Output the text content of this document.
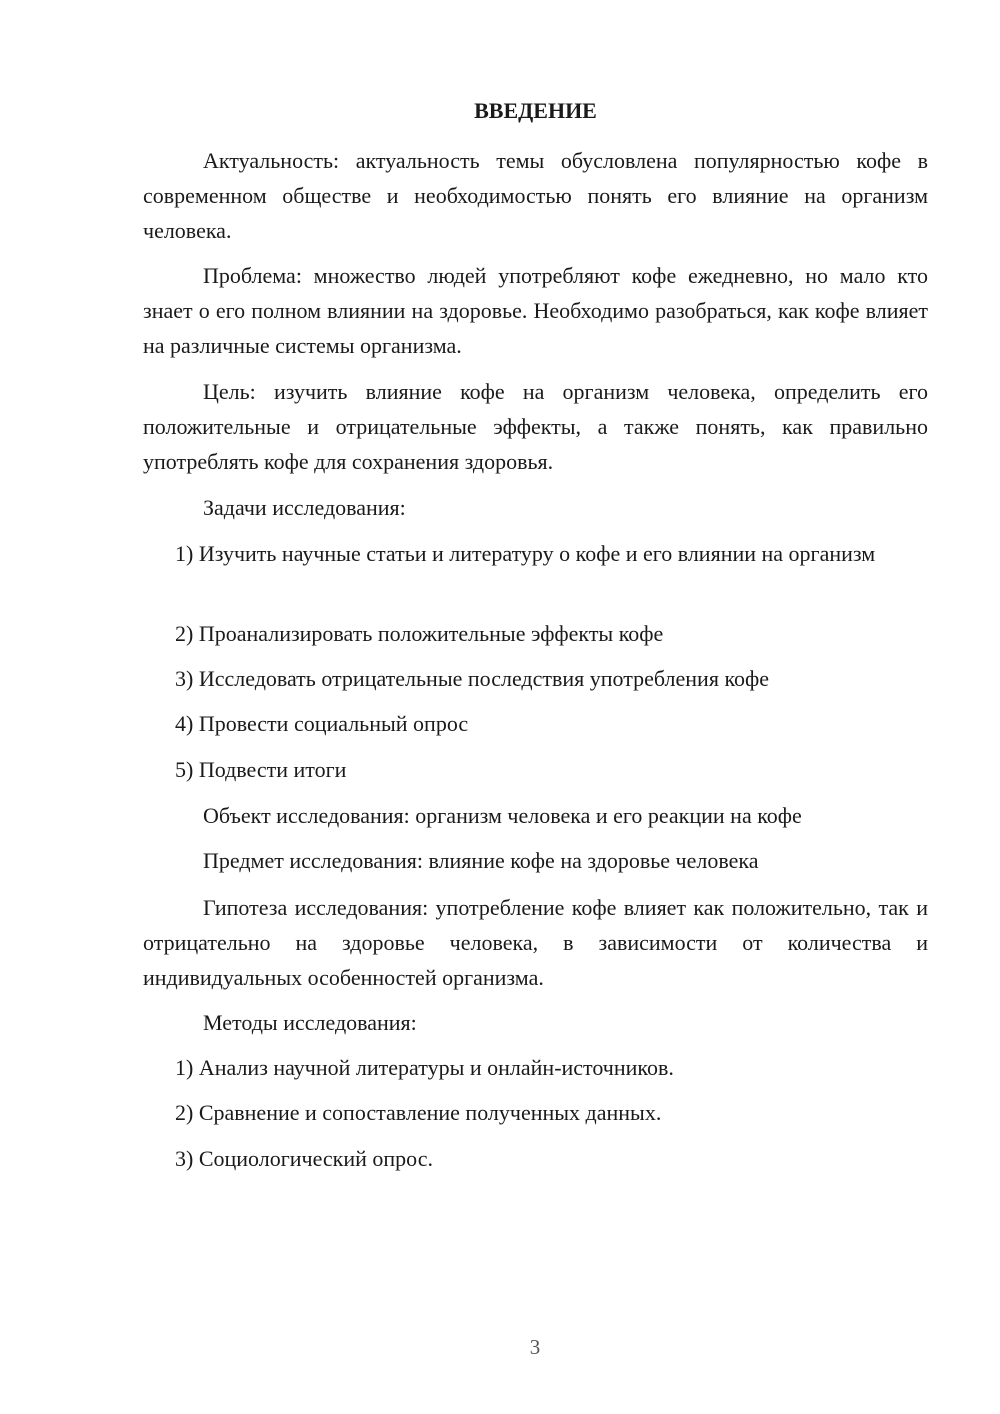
ВВЕДЕНИЕ
Актуальность: актуальность темы обусловлена популярностью кофе в современном обществе и необходимостью понять его влияние на организм человека.
Проблема: множество людей употребляют кофе ежедневно, но мало кто знает о его полном влиянии на здоровье. Необходимо разобраться, как кофе влияет на различные системы организма.
Цель: изучить влияние кофе на организм человека, определить его положительные и отрицательные эффекты, а также понять, как правильно употреблять кофе для сохранения здоровья.
Задачи исследования:
1) Изучить научные статьи и литературу о кофе и его влиянии на организм
2) Проанализировать положительные эффекты кофе
3) Исследовать отрицательные последствия употребления кофе
4) Провести социальный опрос
5) Подвести итоги
Объект исследования: организм человека и его реакции на кофе
Предмет исследования: влияние кофе на здоровье человека
Гипотеза исследования: употребление кофе влияет как положительно, так и отрицательно на здоровье человека, в зависимости от количества и индивидуальных особенностей организма.
Методы исследования:
1) Анализ научной литературы и онлайн-источников.
2) Сравнение и сопоставление полученных данных.
3) Социологический опрос.
3
